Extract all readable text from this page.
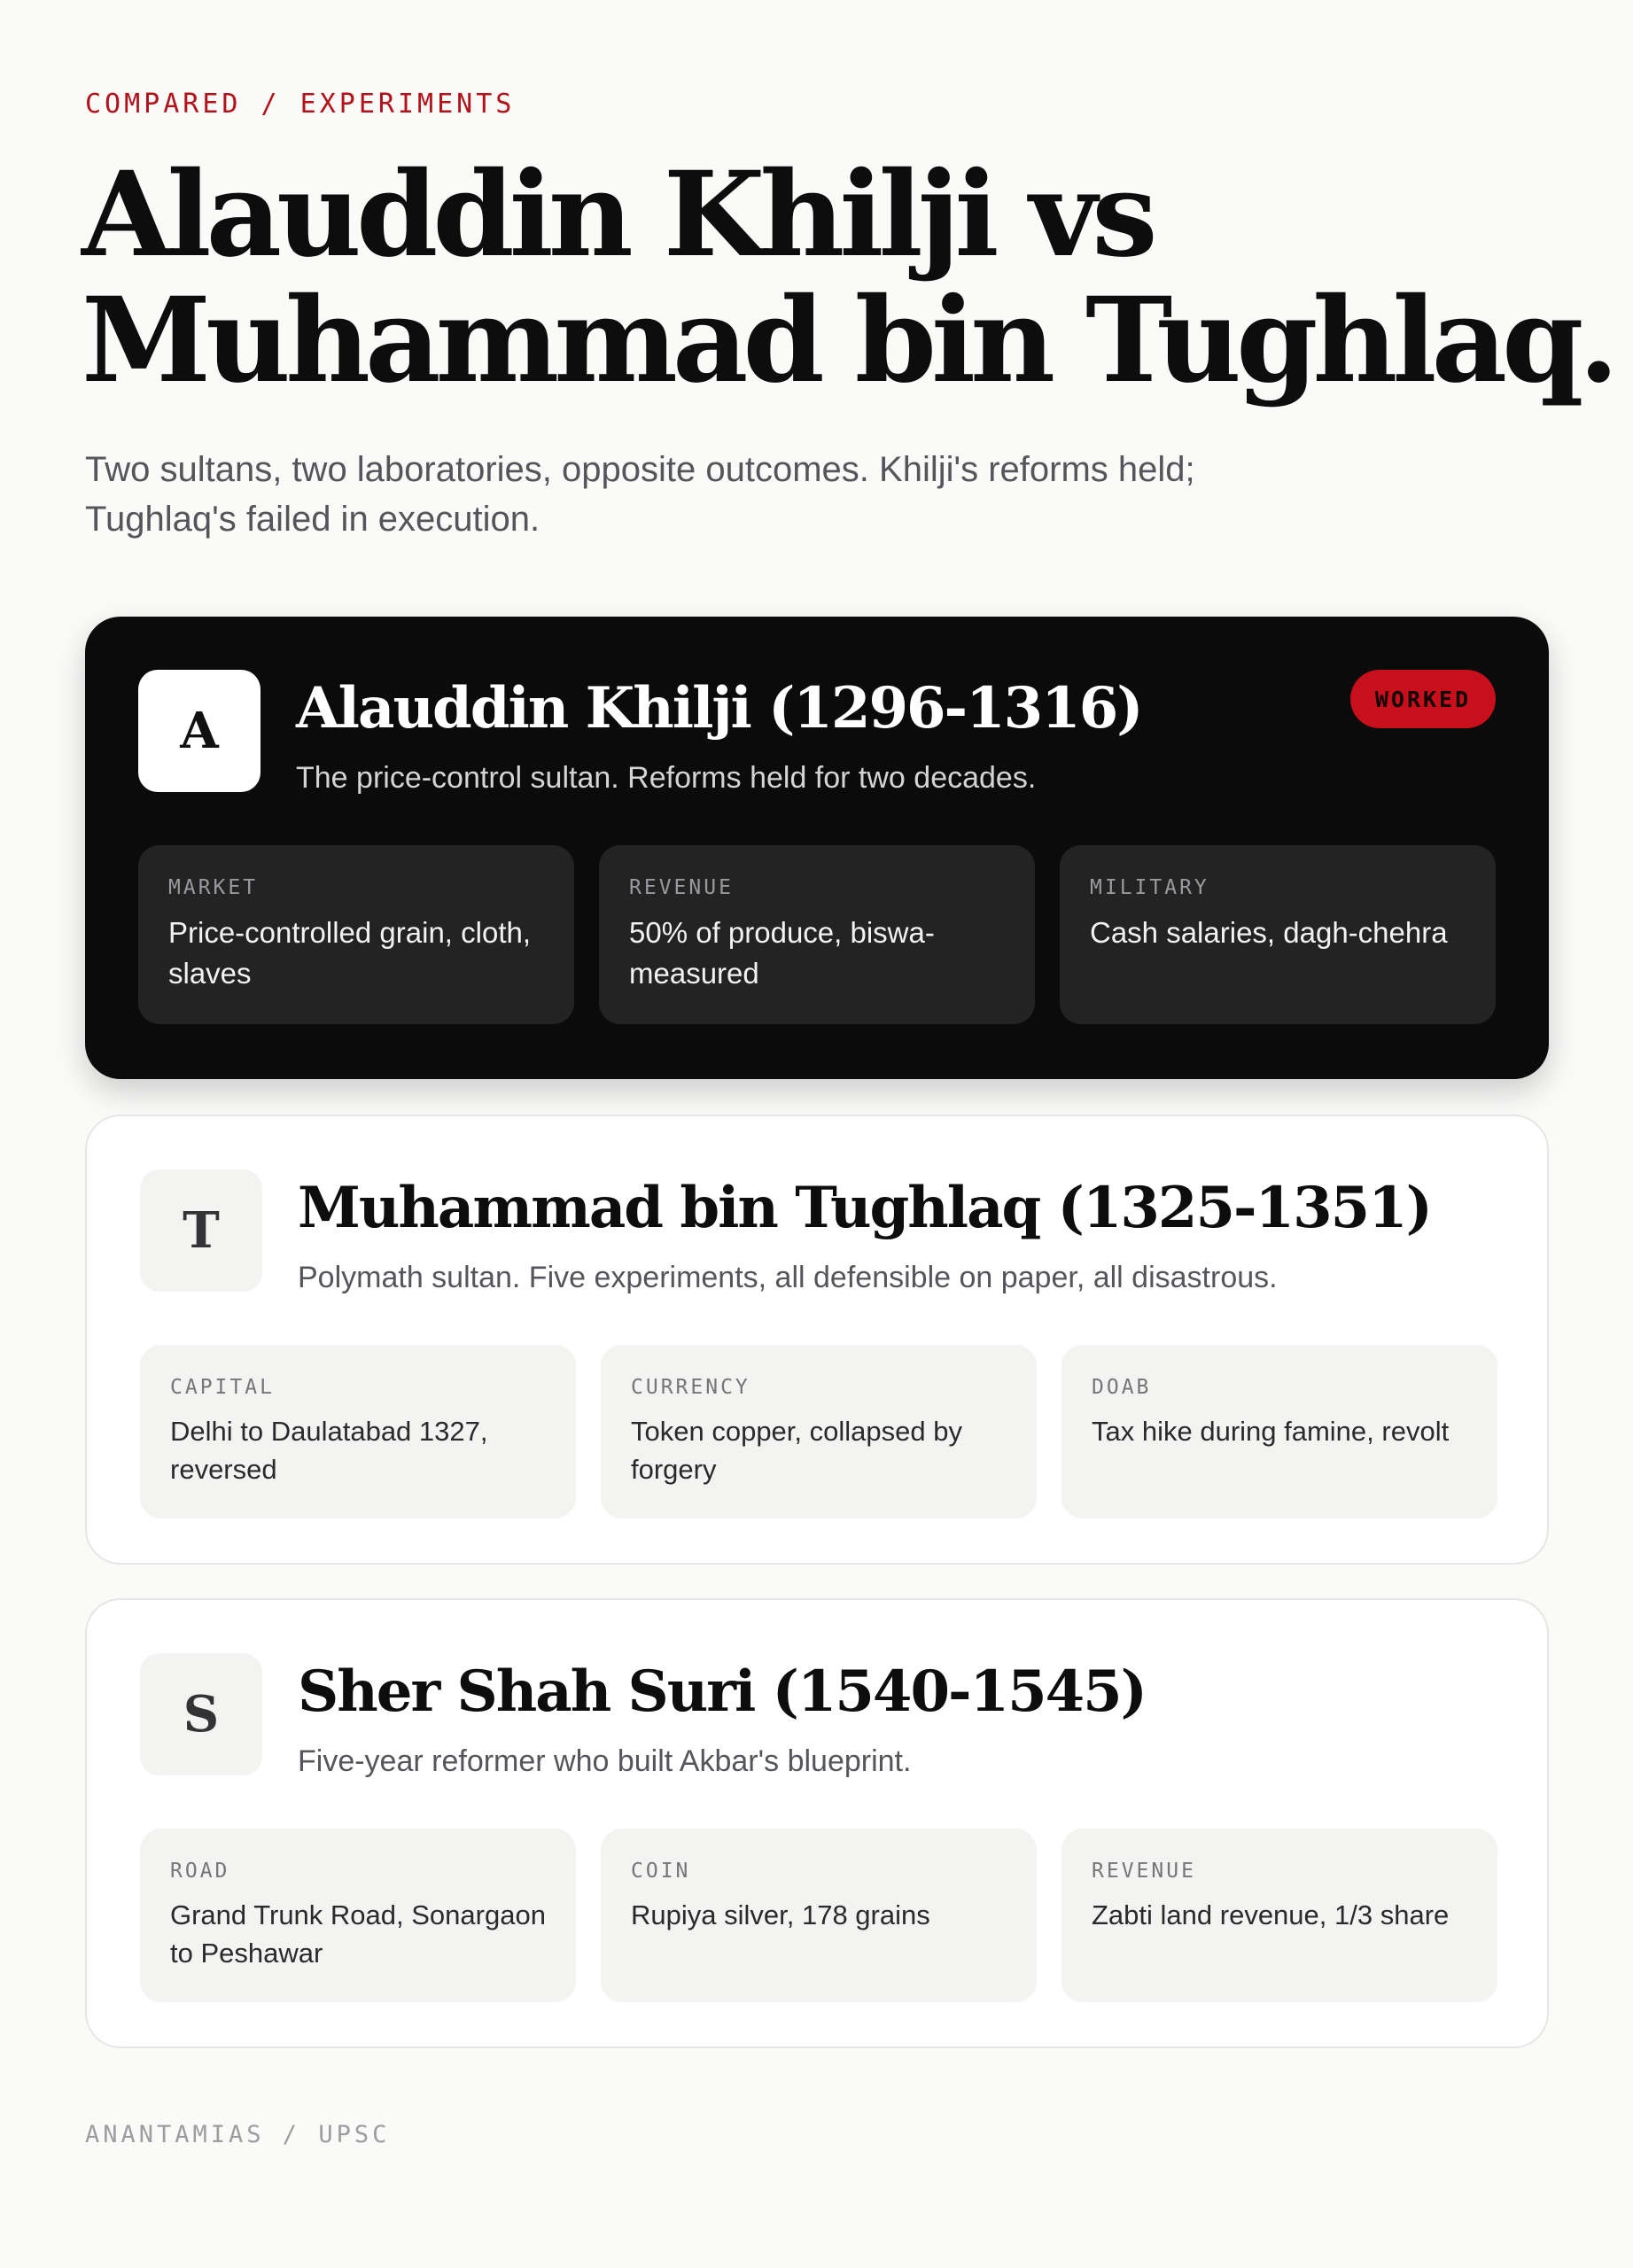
COMPARED / EXPERIMENTS
Alauddin Khilji vs
Muhammad bin Tughlaq.

Two sultans, two laboratories, opposite outcomes. Khilji's reforms held;
Tughlaq's failed in execution.

A	Alauddin Khilji (1296-1316)

The price-control sultan. Reforms held for two decades.

WORKED
MARKET
Price-controlled grain, cloth, slaves
REVENUE
50% of produce, biswa-measured
MILITARY
Cash salaries, dagh-chehra
T	Muhammad bin Tughlaq (1325-1351)

Polymath sultan. Five experiments, all defensible on paper, all disastrous.

CAPITAL
Delhi to Daulatabad 1327, reversed
CURRENCY
Token copper, collapsed by forgery
DOAB
Tax hike during famine, revolt
S	Sher Shah Suri (1540-1545)

Five-year reformer who built Akbar's blueprint.

ROAD
Grand Trunk Road, Sonargaon to Peshawar
COIN
Rupiya silver, 178 grains
REVENUE
Zabti land revenue, 1/3 share
ANANTAMIAS / UPSC
